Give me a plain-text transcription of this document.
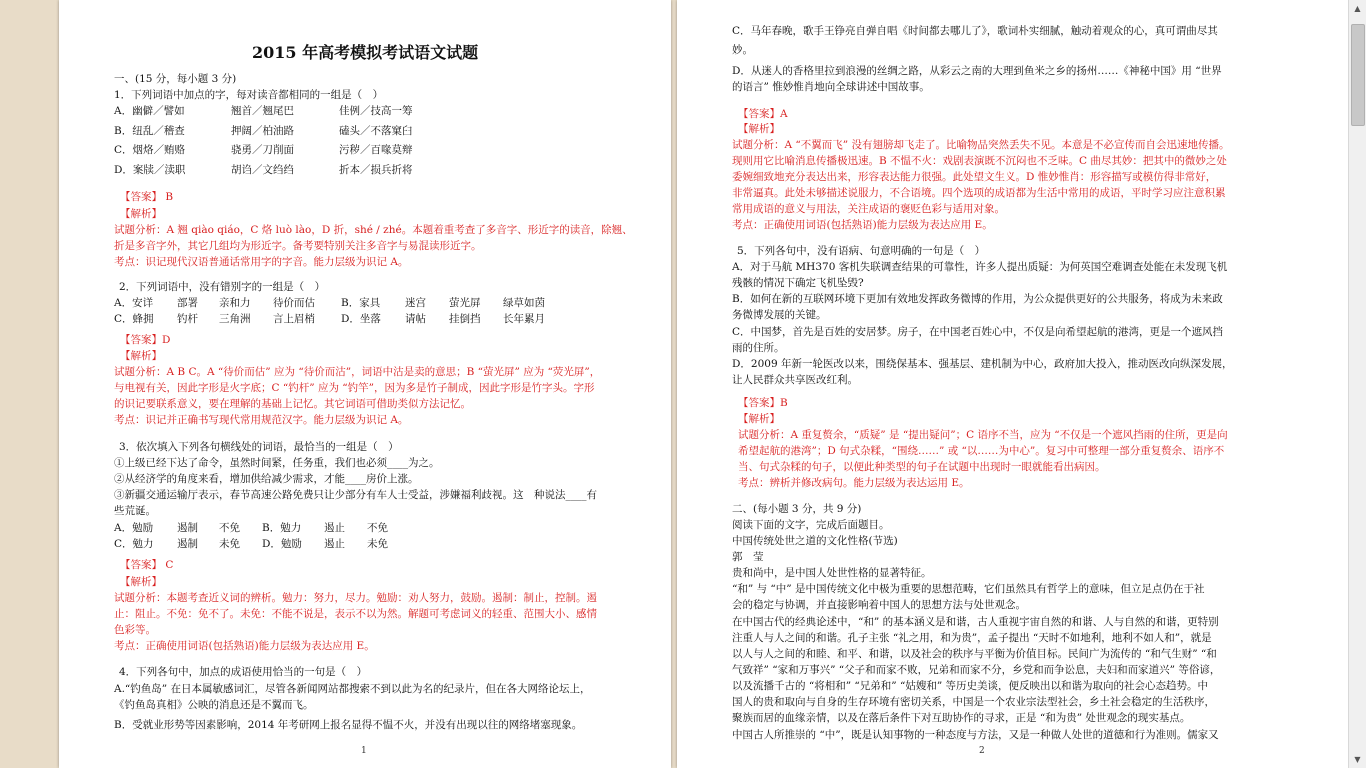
2015 年高考模拟考试语文试题
一、(15 分，每小题 3 分)
1．下列词语中加点的字，每对读音都相同的一组是（　）
A．幽僻／譬如	翘首／翘尾巴	佳例／技高一筹
B．纽乱／稽查	押阔／柏油路	磕头／不落窠臼
C．烟烙／贿赂	骁勇／刀削面	污秽／百喙莫辩
D．案牍／渎职	胡诌／文绉绉	折本／损兵折将
【答案】 B
【解析】
试题分析：A 翘 qiào qiáo，C 烙 luò lào，D 折，shé / zhé。本题着重考查了多音字、形近字的读音，除翘、
折是多音字外，其它几组均为形近字。备考要特别关注多音字与易混读形近字。
考点：识记现代汉语普通话常用字的字音。能力层级为识记 A。
2．下列词语中，没有错别字的一组是（　）
A．安详 部署 亲和力 待价而估 B．家具 迷宫 萤光屏 绿草如茵
C．蜂拥 钓杆 三角洲 言上眉梢 D．坐落 请帖 挂倒挡 长年累月
【答案】D
【解析】
试题分析：A B C。A “待价而估” 应为 “待价而沽”，词语中沽是卖的意思；B “萤光屏” 应为 “荧光屏”，
与电视有关，因此字形是火字底；C “钓杆” 应为 “钓竿”，因为多是竹子制成，因此字形是竹字头。字形
的识记要联系意义，要在理解的基础上记忆。其它词语可借助类似方法记忆。
考点：识记并正确书写现代常用规范汉字。能力层级为识记 A。
3．依次填入下列各句横线处的词语，最恰当的一组是（　）
①上级已经下达了命令，虽然时间紧，任务重，我们也必须____为之。
②从经济学的角度来看，增加供给减少需求，才能____房价上涨。
③新疆交通运输厅表示，春节高速公路免费只让少部分有车人士受益，涉嫌福利歧视。这　种说法____有
些荒诞。
A．勉励 遏制 不免 B．勉力 遏止 不免
C．勉力 遏制 未免 D．勉励 遏止 未免
【答案】 C
【解析】
试题分析：本题考查近义词的辨析。勉力：努力，尽力。勉励：劝人努力，鼓励。遏制：制止，控制。遏
止：阻止。不免：免不了。未免：不能不说是，表示不以为然。解题可考虑词义的轻重、范围大小、感情
色彩等。
考点：正确使用词语(包括熟语)能力层级为表达应用 E。
4．下列各句中，加点的成语使用恰当的一句是（　）
A.“钓鱼岛” 在日本属敏感词汇，尽管各新闻网站都搜索不到以此为名的纪录片，但在各大网络论坛上，
《钓鱼岛真相》公映的消息还是不翼而飞。
B．受就业形势等因素影响，2014 年考研网上报名显得不愠不火，并没有出现以往的网络堵塞现象。
1
C．马年春晚，歌手王铮亮自弹自唱《时间都去哪儿了》，歌词朴实细腻，触动着观众的心，真可谓曲尽其
妙。
D．从迷人的香格里拉到浪漫的丝绸之路，从彩云之南的大理到鱼米之乡的扬州……《神秘中国》用 “世界
的语言” 惟妙惟肖地向全球讲述中国故事。
【答案】A
【解析】
试题分析：A “不翼而飞” 没有翅膀却飞走了。比喻物品突然丢失不见。本意是不必宣传而自会迅速地传播。
现则用它比喻消息传播极迅速。B 不愠不火：戏剧表演既不沉闷也不乏味。C 曲尽其妙：把其中的微妙之处
委婉细致地充分表达出来，形容表达能力很强。此处望文生义。D 惟妙惟肖：形容描写或模仿得非常好，
非常逼真。此处未够描述说服力，不合语境。四个选项的成语都为生活中常用的成语，平时学习应注意积累
常用成语的意义与用法，关注成语的褒贬色彩与适用对象。
考点：正确使用词语(包括熟语)能力层级为表达应用 E。
5．下列各句中，没有语病、句意明确的一句是（　）
A．对于马航 MH370 客机失联调查结果的可靠性，许多人提出质疑：为何英国空难调查处能在未发现飞机
残骸的情况下确定飞机坠毁?
B．如何在新的互联网环境下更加有效地发挥政务微博的作用，为公众提供更好的公共服务，将成为未来政
务微博发展的关键。
C．中国梦，首先是百姓的安居梦。房子，在中国老百姓心中，不仅是向希望起航的港湾，更是一个遮风挡
雨的住所。
D．2009 年新一轮医改以来，围绕保基本、强基层、建机制为中心，政府加大投入，推动医改向纵深发展，
让人民群众共享医改红利。
【答案】B
【解析】
试题分析：A 重复赘余，“质疑” 是 “提出疑问”；C 语序不当，应为 “不仅是一个遮风挡雨的住所，更是向
希望起航的港湾”；D 句式杂糅，“围绕……” 或 “以……为中心”。复习中可整理一部分重复赘余、语序不
当、句式杂糅的句子，以便此种类型的句子在试题中出现时一眼就能看出病因。
考点：辨析并修改病句。能力层级为表达运用 E。
二、(每小题 3 分，共 9 分)
阅读下面的文字，完成后面题目。
中国传统处世之道的文化性格(节选)
郭　莹
贵和尚中，是中国人处世性格的显著特征。
“和” 与 “中” 是中国传统文化中极为重要的思想范畴，它们虽然具有哲学上的意味，但立足点仍在于社
会的稳定与协调，并直接影响着中国人的思想方法与处世观念。
在中国古代的经典论述中，“和” 的基本涵义是和谐，古人重视宇宙自然的和谐、人与自然的和谐，更特别
注重人与人之间的和谐。孔子主张 “礼之用，和为贵”，孟子提出 “天时不如地利，地利不如人和”，就是
以人与人之间的和睦、和平、和谐，以及社会的秩序与平衡为价值目标。民间广为流传的 “和气生财” “和
气致祥” “家和万事兴” “父子和而家不败，兄弟和而家不分，乡党和而争讼息，夫妇和而家道兴” 等俗谚，
以及流播千古的 “将相和” “兄弟和” “姑嫂和” 等历史美谈，便反映出以和谐为取向的社会心态趋势。中
国人的贵和取向与自身的生存环境有密切关系，中国是一个农业宗法型社会，乡土社会稳定的生活秩序，
聚族而居的血缘亲情，以及在落后条件下对互助协作的寻求，正是 “和为贵” 处世观念的现实基点。
中国古人所推崇的 “中”，既是认知事物的一种态度与方法，又是一种做人处世的道德和行为准则。儒家又
2
▲
▼
